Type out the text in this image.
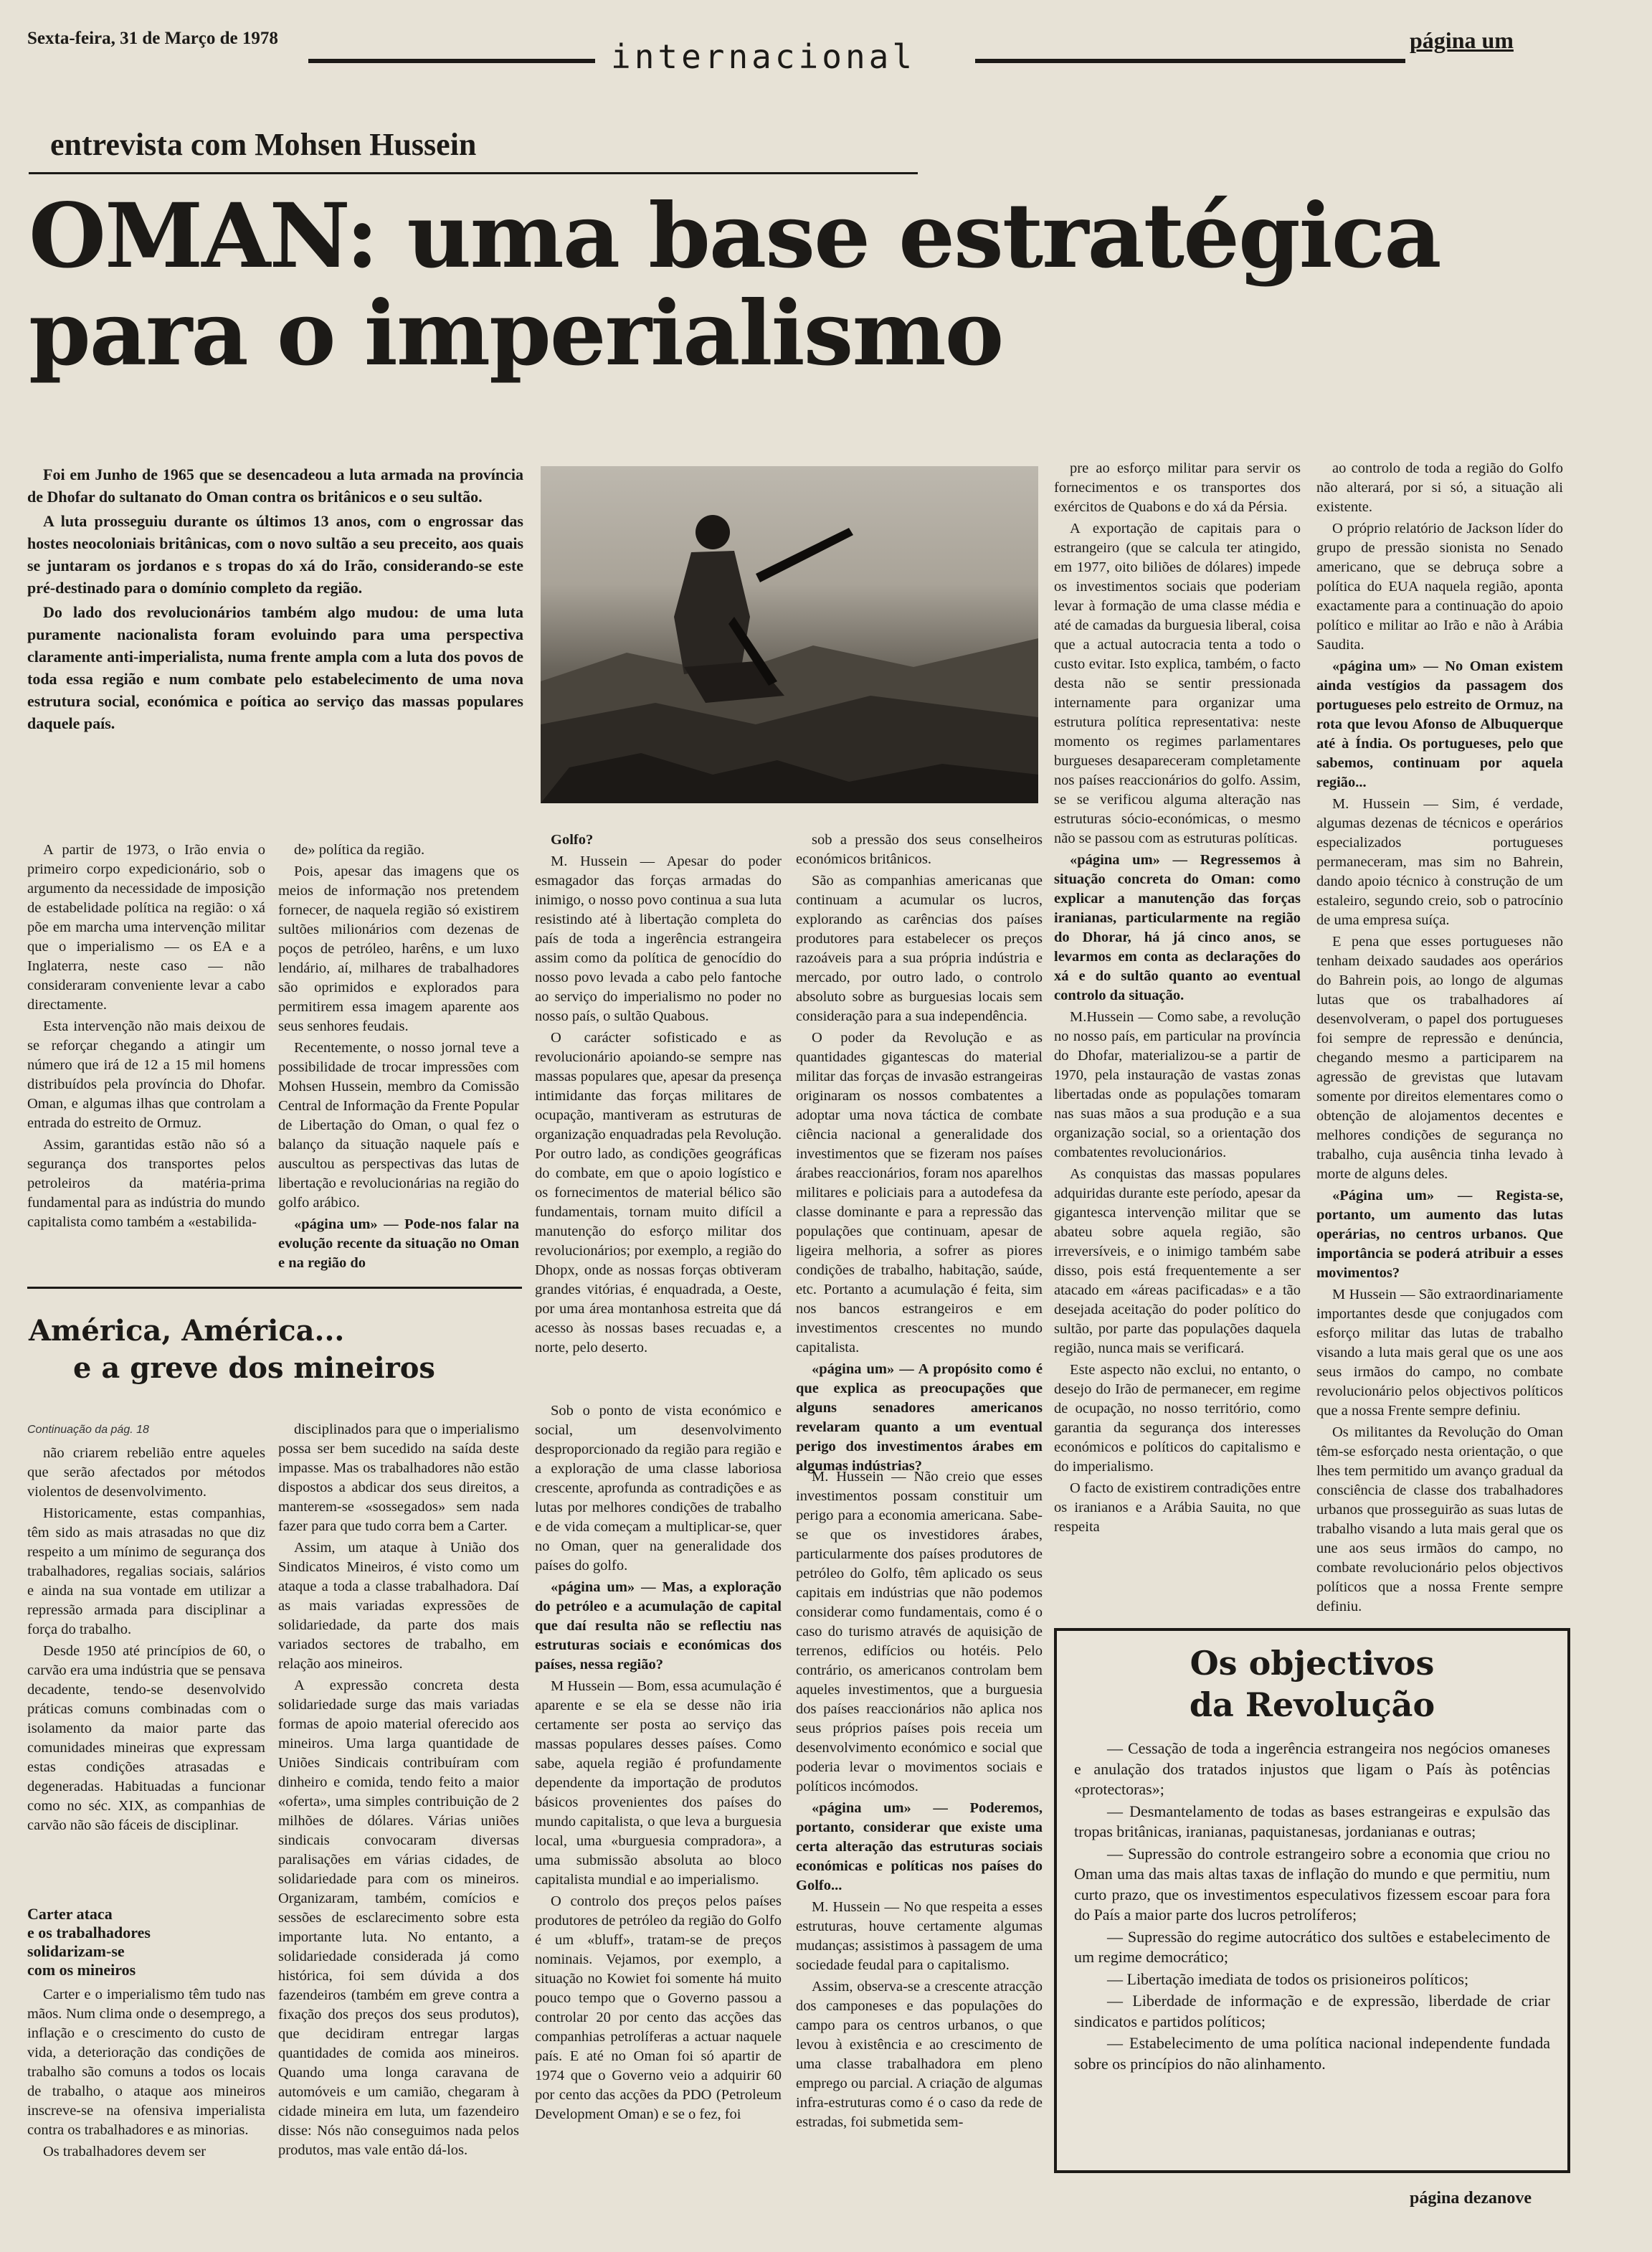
Sexta-feira, 31 de Março de 1978	internacional	página um
entrevista com Mohsen Hussein
OMAN: uma base estratégica
para o imperialismo

Foi em Junho de 1965 que se desencadeou a luta armada na província de Dhofar do sultanato do Oman contra os britânicos e o seu sultão.

A luta prosseguiu durante os últimos 13 anos, com o engrossar das hostes neocoloniais britânicas, com o novo sultão a seu preceito, aos quais se juntaram os jordanos e s tropas do xá do Irão, considerando-se este pré-destinado para o domínio completo da região.

Do lado dos revolucionários também algo mudou: de uma luta puramente nacionalista foram evoluindo para uma perspectiva claramente anti-imperialista, numa frente ampla com a luta dos povos de toda essa região e num combate pelo estabelecimento de uma nova estrutura social, económica e poítica ao serviço das massas populares daquele país.

A partir de 1973, o Irão envia o primeiro corpo expedicionário, sob o argumento da necessidade de imposição de estabelidade política na região: o xá põe em marcha uma intervenção militar que o imperialismo — os EA e a Inglaterra, neste caso — não consideraram conveniente levar a cabo directamente.

Esta intervenção não mais deixou de se reforçar chegando a atingir um número que irá de 12 a 15 mil homens distribuídos pela província do Dhofar. Oman, e algumas ilhas que controlam a entrada do estreito de Ormuz.

Assim, garantidas estão não só a segurança dos transportes pelos petroleiros da matéria-prima fundamental para as indústria do mundo capitalista como também a «estabilida-

de» política da região.

Pois, apesar das imagens que os meios de informação nos pretendem fornecer, de naquela região só existirem sultões milionários com dezenas de poços de petróleo, harêns, e um luxo lendário, aí, milhares de trabalhadores são oprimidos e explorados para permitirem essa imagem aparente aos seus senhores feudais.

Recentemente, o nosso jornal teve a possibilidade de trocar impressões com Mohsen Hussein, membro da Comissão Central de Informação da Frente Popular de Libertação do Oman, o qual fez o balanço da situação naquele país e auscultou as perspectivas das lutas de libertação e revolucionárias na região do golfo arábico.

«página um» — Pode-nos falar na evolução recente da situação no Oman e na região do

Golfo?

M. Hussein — Apesar do poder esmagador das forças armadas do inimigo, o nosso povo continua a sua luta resistindo até à libertação completa do país de toda a ingerência estrangeira assim como da política de genocídio do nosso povo levada a cabo pelo fantoche ao serviço do imperialismo no poder no nosso país, o sultão Quabous.

O carácter sofisticado e as revolucionário apoiando-se sempre nas massas populares que, apesar da presença intimidante das forças militares de ocupação, mantiveram as estruturas de organização enquadradas pela Revolução. Por outro lado, as condições geográficas do combate, em que o apoio logístico e os fornecimentos de material bélico são fundamentais, tornam muito difícil a manutenção do esforço militar dos revolucionários; por exemplo, a região do Dhopx, onde as nossas forças obtiveram grandes vitórias, é enquadrada, a Oeste, por uma área montanhosa estreita que dá acesso às nossas bases recuadas e, a norte, pelo deserto.

Sob o ponto de vista económico e social, um desenvolvimento desproporcionado da região para região e a exploração de uma classe laboriosa crescente, aprofunda as contradições e as lutas por melhores condições de trabalho e de vida começam a multiplicar-se, quer no Oman, quer na generalidade dos países do golfo.

«página um» — Mas, a exploração do petróleo e a acumulação de capital que daí resulta não se reflectiu nas estruturas sociais e económicas dos países, nessa região?

M Hussein — Bom, essa acumulação é aparente e se ela se desse não iria certamente ser posta ao serviço das massas populares desses países. Como sabe, aquela região é profundamente dependente da importação de produtos básicos provenientes dos países do mundo capitalista, o que leva a burguesia local, uma «burguesia compradora», a uma submissão absoluta ao bloco capitalista mundial e ao imperialismo.

O controlo dos preços pelos países produtores de petróleo da região do Golfo é um «bluff», tratam-se de preços nominais. Vejamos, por exemplo, a situação no Kowiet foi somente há muito pouco tempo que o Governo passou a controlar 20 por cento das acções das companhias petrolíferas a actuar naquele país. E até no Oman foi só apartir de 1974 que o Governo veio a adquirir 60 por cento das acções da PDO (Petroleum Development Oman) e se o fez, foi

sob a pressão dos seus conselheiros económicos britânicos.

São as companhias americanas que continuam a acumular os lucros, explorando as carências dos países produtores para estabelecer os preços razoáveis para a sua própria indústria e mercado, por outro lado, o controlo absoluto sobre as burguesias locais sem consideração para a sua independência.

O poder da Revolução e as quantidades gigantescas do material militar das forças de invasão estrangeiras originaram os nossos combatentes a adoptar uma nova táctica de combate ciência nacional a generalidade dos investimentos que se fizeram nos países árabes reaccionários, foram nos aparelhos militares e policiais para a autodefesa da classe dominante e para a repressão das populações que continuam, apesar de ligeira melhoria, a sofrer as piores condições de trabalho, habitação, saúde, etc. Portanto a acumulação é feita, sim nos bancos estrangeiros e em investimentos crescentes no mundo capitalista.

«página um» — A propósito como é que explica as preocupações que alguns senadores americanos revelaram quanto a um eventual perigo dos investimentos árabes em algumas indústrias?

M. Hussein — Não creio que esses investimentos possam constituir um perigo para a economia americana. Sabe-se que os investidores árabes, particularmente dos países produtores de petróleo do Golfo, têm aplicado os seus capitais em indústrias que não podemos considerar como fundamentais, como é o caso do turismo através de aquisição de terrenos, edifícios ou hotéis. Pelo contrário, os americanos controlam bem aqueles investimentos, que a burguesia dos países reaccionários não aplica nos seus próprios países pois receia um desenvolvimento económico e social que poderia levar o movimentos sociais e políticos incómodos.

«página um» — Poderemos, portanto, considerar que existe uma certa alteração das estruturas sociais económicas e políticas nos países do Golfo...

M. Hussein — No que respeita a esses estruturas, houve certamente algumas mudanças; assistimos à passagem de uma sociedade feudal para o capitalismo.

Assim, observa-se a crescente atracção dos camponeses e das populações do campo para os centros urbanos, o que levou à existência e ao crescimento de uma classe trabalhadora em pleno emprego ou parcial. A criação de algumas infra-estruturas como é o caso da rede de estradas, foi submetida sem-

pre ao esforço militar para servir os fornecimentos e os transportes dos exércitos de Quabons e do xá da Pérsia.

A exportação de capitais para o estrangeiro (que se calcula ter atingido, em 1977, oito biliões de dólares) impede os investimentos sociais que poderiam levar à formação de uma classe média e até de camadas da burguesia liberal, coisa que a actual autocracia tenta a todo o custo evitar. Isto explica, também, o facto desta não se sentir pressionada internamente para organizar uma estrutura política representativa: neste momento os regimes parlamentares burgueses desapareceram completamente nos países reaccionários do golfo. Assim, se se verificou alguma alteração nas estruturas sócio-económicas, o mesmo não se passou com as estruturas políticas.

«página um» — Regressemos à situação concreta do Oman: como explicar a manutenção das forças iranianas, particularmente na região do Dhorar, há já cinco anos, se levarmos em conta as declarações do xá e do sultão quanto ao eventual controlo da situação.

M.Hussein — Como sabe, a revolução no nosso país, em particular na província do Dhofar, materializou-se a partir de 1970, pela instauração de vastas zonas libertadas onde as populações tomaram nas suas mãos a sua produção e a sua organização social, so a orientação dos combatentes revolucionários.

As conquistas das massas populares adquiridas durante este período, apesar da gigantesca intervenção militar que se abateu sobre aquela região, são irreversíveis, e o inimigo também sabe disso, pois está frequentemente a ser atacado em «áreas pacificadas» e a tão desejada aceitação do poder político do sultão, por parte das populações daquela região, nunca mais se verificará.

Este aspecto não exclui, no entanto, o desejo do Irão de permanecer, em regime de ocupação, no nosso território, como garantia da segurança dos interesses económicos e políticos do capitalismo e do imperialismo.

O facto de existirem contradições entre os iranianos e a Arábia Sauita, no que respeita

ao controlo de toda a região do Golfo não alterará, por si só, a situação ali existente.

O próprio relatório de Jackson líder do grupo de pressão sionista no Senado americano, que se debruça sobre a política do EUA naquela região, aponta exactamente para a continuação do apoio político e militar ao Irão e não à Arábia Saudita.

«página um» — No Oman existem ainda vestígios da passagem dos portugueses pelo estreito de Ormuz, na rota que levou Afonso de Albuquerque até à Índia. Os portugueses, pelo que sabemos, continuam por aquela região...

M. Hussein — Sim, é verdade, algumas dezenas de técnicos e operários especializados portugueses permaneceram, mas sim no Bahrein, dando apoio técnico à construção de um estaleiro, segundo creio, sob o patrocínio de uma empresa suíça.

E pena que esses portugueses não tenham deixado saudades aos operários do Bahrein pois, ao longo de algumas lutas que os trabalhadores aí desenvolveram, o papel dos portugueses foi sempre de repressão e denúncia, chegando mesmo a participarem na agressão de grevistas que lutavam somente por direitos elementares como o obtenção de alojamentos decentes e melhores condições de segurança no trabalho, cuja ausência tinha levado à morte de alguns deles.

«Página um» — Regista-se, portanto, um aumento das lutas operárias, no centros urbanos. Que importância se poderá atribuir a esses movimentos?

M Hussein — São extraordinariamente importantes desde que conjugados com esforço militar das lutas de trabalho visando a luta mais geral que os une aos seus irmãos do campo, no combate revolucionário pelos objectivos políticos que a nossa Frente sempre definiu.

Os militantes da Revolução do Oman têm-se esforçado nesta orientação, o que lhes tem permitido um avanço gradual da consciência de classe dos trabalhadores urbanos que prosseguirão as suas lutas de trabalho visando a luta mais geral que os une aos seus irmãos do campo, no combate revolucionário pelos objectivos políticos que a nossa Frente sempre definiu.

América, América...
e a greve dos mineiros

Continuação da pág. 18

não criarem rebelião entre aqueles que serão afectados por métodos violentos de desenvolvimento.

Historicamente, estas companhias, têm sido as mais atrasadas no que diz respeito a um mínimo de segurança dos trabalhadores, regalias sociais, salários e ainda na sua vontade em utilizar a repressão armada para disciplinar a força do trabalho.

Desde 1950 até princípios de 60, o carvão era uma indústria que se pensava decadente, tendo-se desenvolvido práticas comuns combinadas com o isolamento da maior parte das comunidades mineiras que expressam estas condições atrasadas e degeneradas. Habituadas a funcionar como no séc. XIX, as companhias de carvão não são fáceis de disciplinar.

Carter ataca
e os trabalhadores
solidarizam-se
com os mineiros

Carter e o imperialismo têm tudo nas mãos. Num clima onde o desemprego, a inflação e o crescimento do custo de vida, a deterioração das condições de trabalho são comuns a todos os locais de trabalho, o ataque aos mineiros inscreve-se na ofensiva imperialista contra os trabalhadores e as minorias.

Os trabalhadores devem ser

disciplinados para que o imperialismo possa ser bem sucedido na saída deste impasse. Mas os trabalhadores não estão dispostos a abdicar dos seus direitos, a manterem-se «sossegados» sem nada fazer para que tudo corra bem a Carter.

Assim, um ataque à União dos Sindicatos Mineiros, é visto como um ataque a toda a classe trabalhadora. Daí as mais variadas expressões de solidariedade, da parte dos mais variados sectores de trabalho, em relação aos mineiros.

A expressão concreta desta solidariedade surge das mais variadas formas de apoio material oferecido aos mineiros. Uma larga quantidade de Uniões Sindicais contribuíram com dinheiro e comida, tendo feito a maior «oferta», uma simples contribuição de 2 milhões de dólares. Várias uniões sindicais convocaram diversas paralisações em várias cidades, de solidariedade para com os mineiros. Organizaram, também, comícios e sessões de esclarecimento sobre esta importante luta. No entanto, a solidariedade considerada já como histórica, foi sem dúvida a dos fazendeiros (também em greve contra a fixação dos preços dos seus produtos), que decidiram entregar largas quantidades de comida aos mineiros. Quando uma longa caravana de automóveis e um camião, chegaram à cidade mineira em luta, um fazendeiro disse: Nós não conseguimos nada pelos produtos, mas vale então dá-los.

Os objectivos
da Revolução
— Cessação de toda a ingerência estrangeira nos negócios omaneses e anulação dos tratados injustos que ligam o País às potências «protectoras»;
— Desmantelamento de todas as bases estrangeiras e expulsão das tropas britânicas, iranianas, paquistanesas, jordanianas e outras;
— Supressão do controle estrangeiro sobre a economia que criou no Oman uma das mais altas taxas de inflação do mundo e que permitiu, num curto prazo, que os investimentos especulativos fizessem escoar para fora do País a maior parte dos lucros petrolíferos;
— Supressão do regime autocrático dos sultões e estabelecimento de um regime democrático;
— Libertação imediata de todos os prisioneiros políticos;
— Liberdade de informação e de expressão, liberdade de criar sindicatos e partidos políticos;
— Estabelecimento de uma política nacional independente fundada sobre os princípios do não alinhamento.
página dezanove
